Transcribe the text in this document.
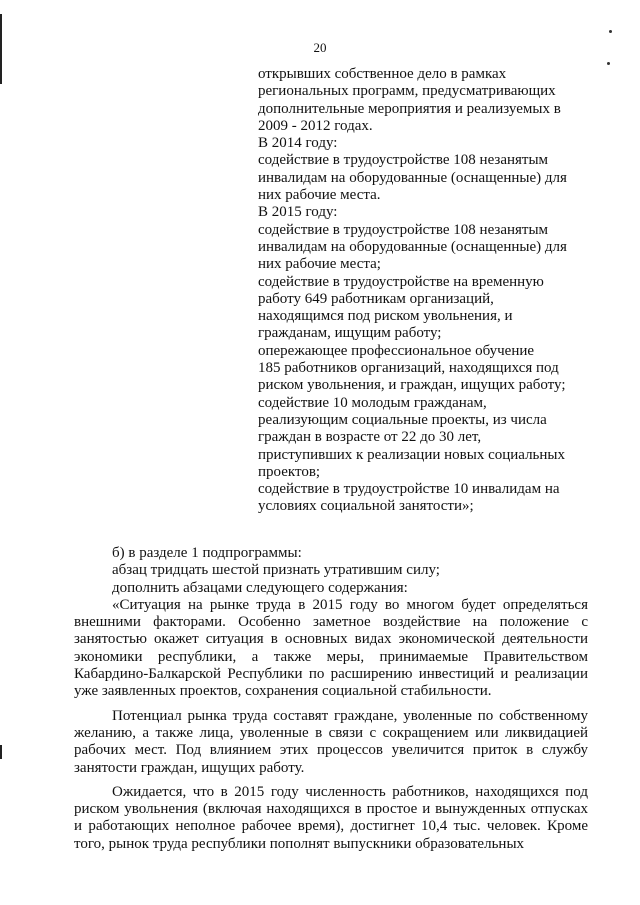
20
открывших собственное дело в рамках
региональных программ, предусматривающих
дополнительные мероприятия и реализуемых в
2009 - 2012 годах.
В 2014 году:
содействие в трудоустройстве 108 незанятым
инвалидам на оборудованные (оснащенные) для
них рабочие места.
В 2015 году:
содействие в трудоустройстве 108 незанятым
инвалидам на оборудованные (оснащенные) для
них рабочие места;
содействие в трудоустройстве на временную
работу 649 работникам организаций,
находящимся под риском увольнения, и
гражданам, ищущим работу;
опережающее профессиональное обучение
185 работников организаций, находящихся под
риском увольнения, и граждан, ищущих работу;
содействие 10 молодым гражданам,
реализующим социальные проекты, из числа
граждан в возрасте от 22 до 30 лет,
приступивших к реализации новых социальных
проектов;
содействие в трудоустройстве 10 инвалидам на
условиях социальной занятости»;
б) в разделе 1 подпрограммы:
абзац тридцать шестой признать утратившим силу;
дополнить абзацами следующего содержания:

«Ситуация на рынке труда в 2015 году во многом будет определяться внешними факторами. Особенно заметное воздействие на положение с занятостью окажет ситуация в основных видах экономической деятельности экономики республики, а также меры, принимаемые Правительством Кабардино-Балкарской Республики по расширению инвестиций и реализации уже заявленных проектов, сохранения социальной стабильности.

Потенциал рынка труда составят граждане, уволенные по собственному желанию, а также лица, уволенные в связи с сокращением или ликвидацией рабочих мест. Под влиянием этих процессов увеличится приток в службу занятости граждан, ищущих работу.

Ожидается, что в 2015 году численность работников, находящихся под риском увольнения (включая находящихся в простое и вынужденных отпусках и работающих неполное рабочее время), достигнет 10,4 тыс. человек. Кроме того, рынок труда республики пополнят выпускники образовательных
